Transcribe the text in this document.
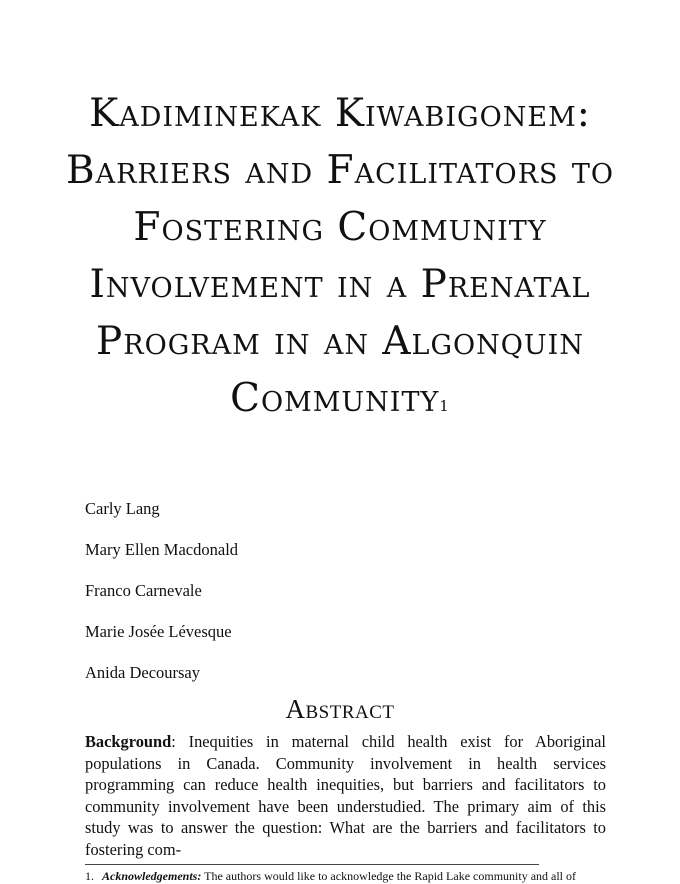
Kadiminekak Kiwabigonem: Barriers and Facilitators to Fostering Community Involvement in a Prenatal Program in an Algonquin Community$^1$
Carly Lang
Mary Ellen Macdonald
Franco Carnevale
Marie Josée Lévesque
Anida Decoursay
Abstract

Background: Inequities in maternal child health exist for Aboriginal populations in Canada. Community involvement in health services programming can reduce health inequities, but barriers and facilitators to community involvement have been understudied. The primary aim of this study was to answer the question: What are the barriers and facilitators to fostering com-

1. Acknowledgements: The authors would like to acknowledge the Rapid Lake community and all of
